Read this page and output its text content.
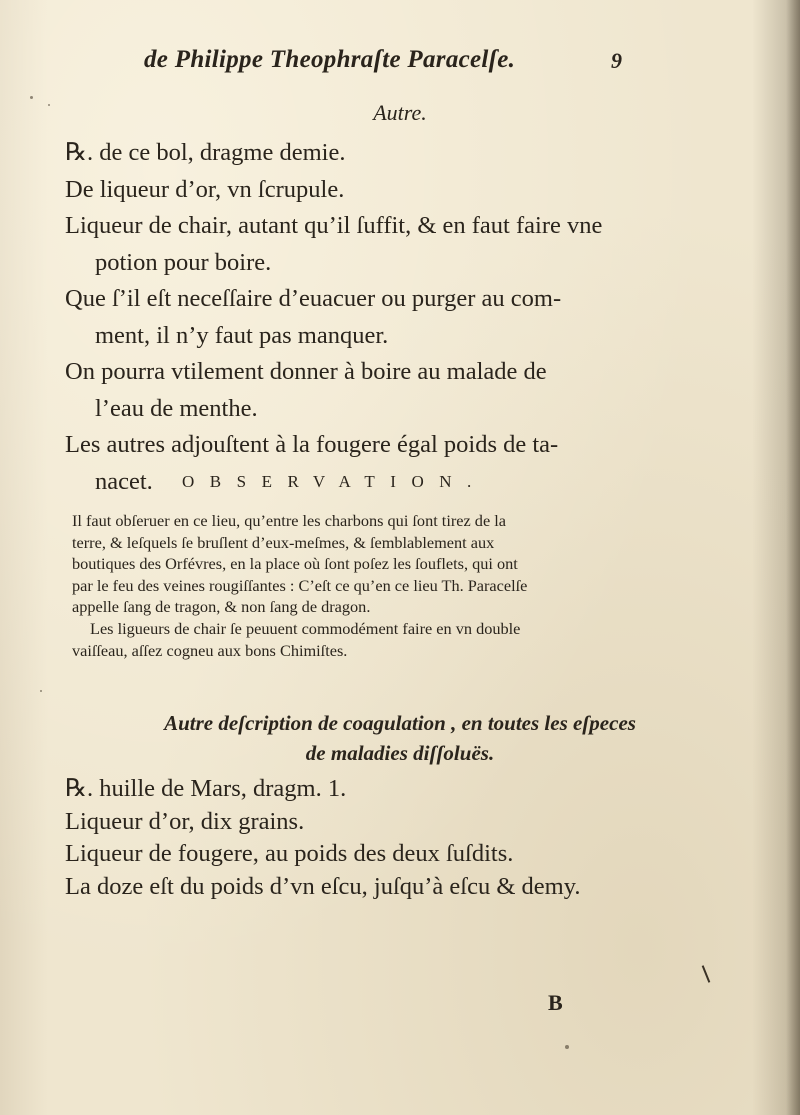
de Philippe Theophraſte Paracelſe.	9
Autre.
℞. de ce bol, dragme demie.
De liqueur d’or, vn ſcrupule.
Liqueur de chair, autant qu’il ſuffit, & en faut faire vne
potion pour boire.
Que ſ’il eſt neceſſaire d’euacuer ou purger au com-
ment, il n’y faut pas manquer.
On pourra vtilement donner à boire au malade de
l’eau de menthe.
Les autres adjouſtent à la fougere égal poids de ta-
nacet.	OBSERVATION.
Il faut obſeruer en ce lieu, qu’entre les charbons qui ſont tirez de la
terre, & leſquels ſe bruſlent d’eux-meſmes, & ſemblablement aux
boutiques des Orfévres, en la place où ſont poſez les ſouflets, qui ont
par le feu des veines rougiſſantes : C’eſt ce qu’en ce lieu Th. Paracelſe
appelle ſang de tragon, & non ſang de dragon.
Les ligueurs de chair ſe peuuent commodément faire en vn double
vaiſſeau, aſſez cogneu aux bons Chimiſtes.
Autre deſcription de coagulation , en toutes les eſpeces
de maladies diſſoluës.
℞. huille de Mars, dragm. 1.
Liqueur d’or, dix grains.
Liqueur de fougere, au poids des deux ſuſdits.
La doze eſt du poids d’vn eſcu, juſqu’à eſcu & demy.
B
